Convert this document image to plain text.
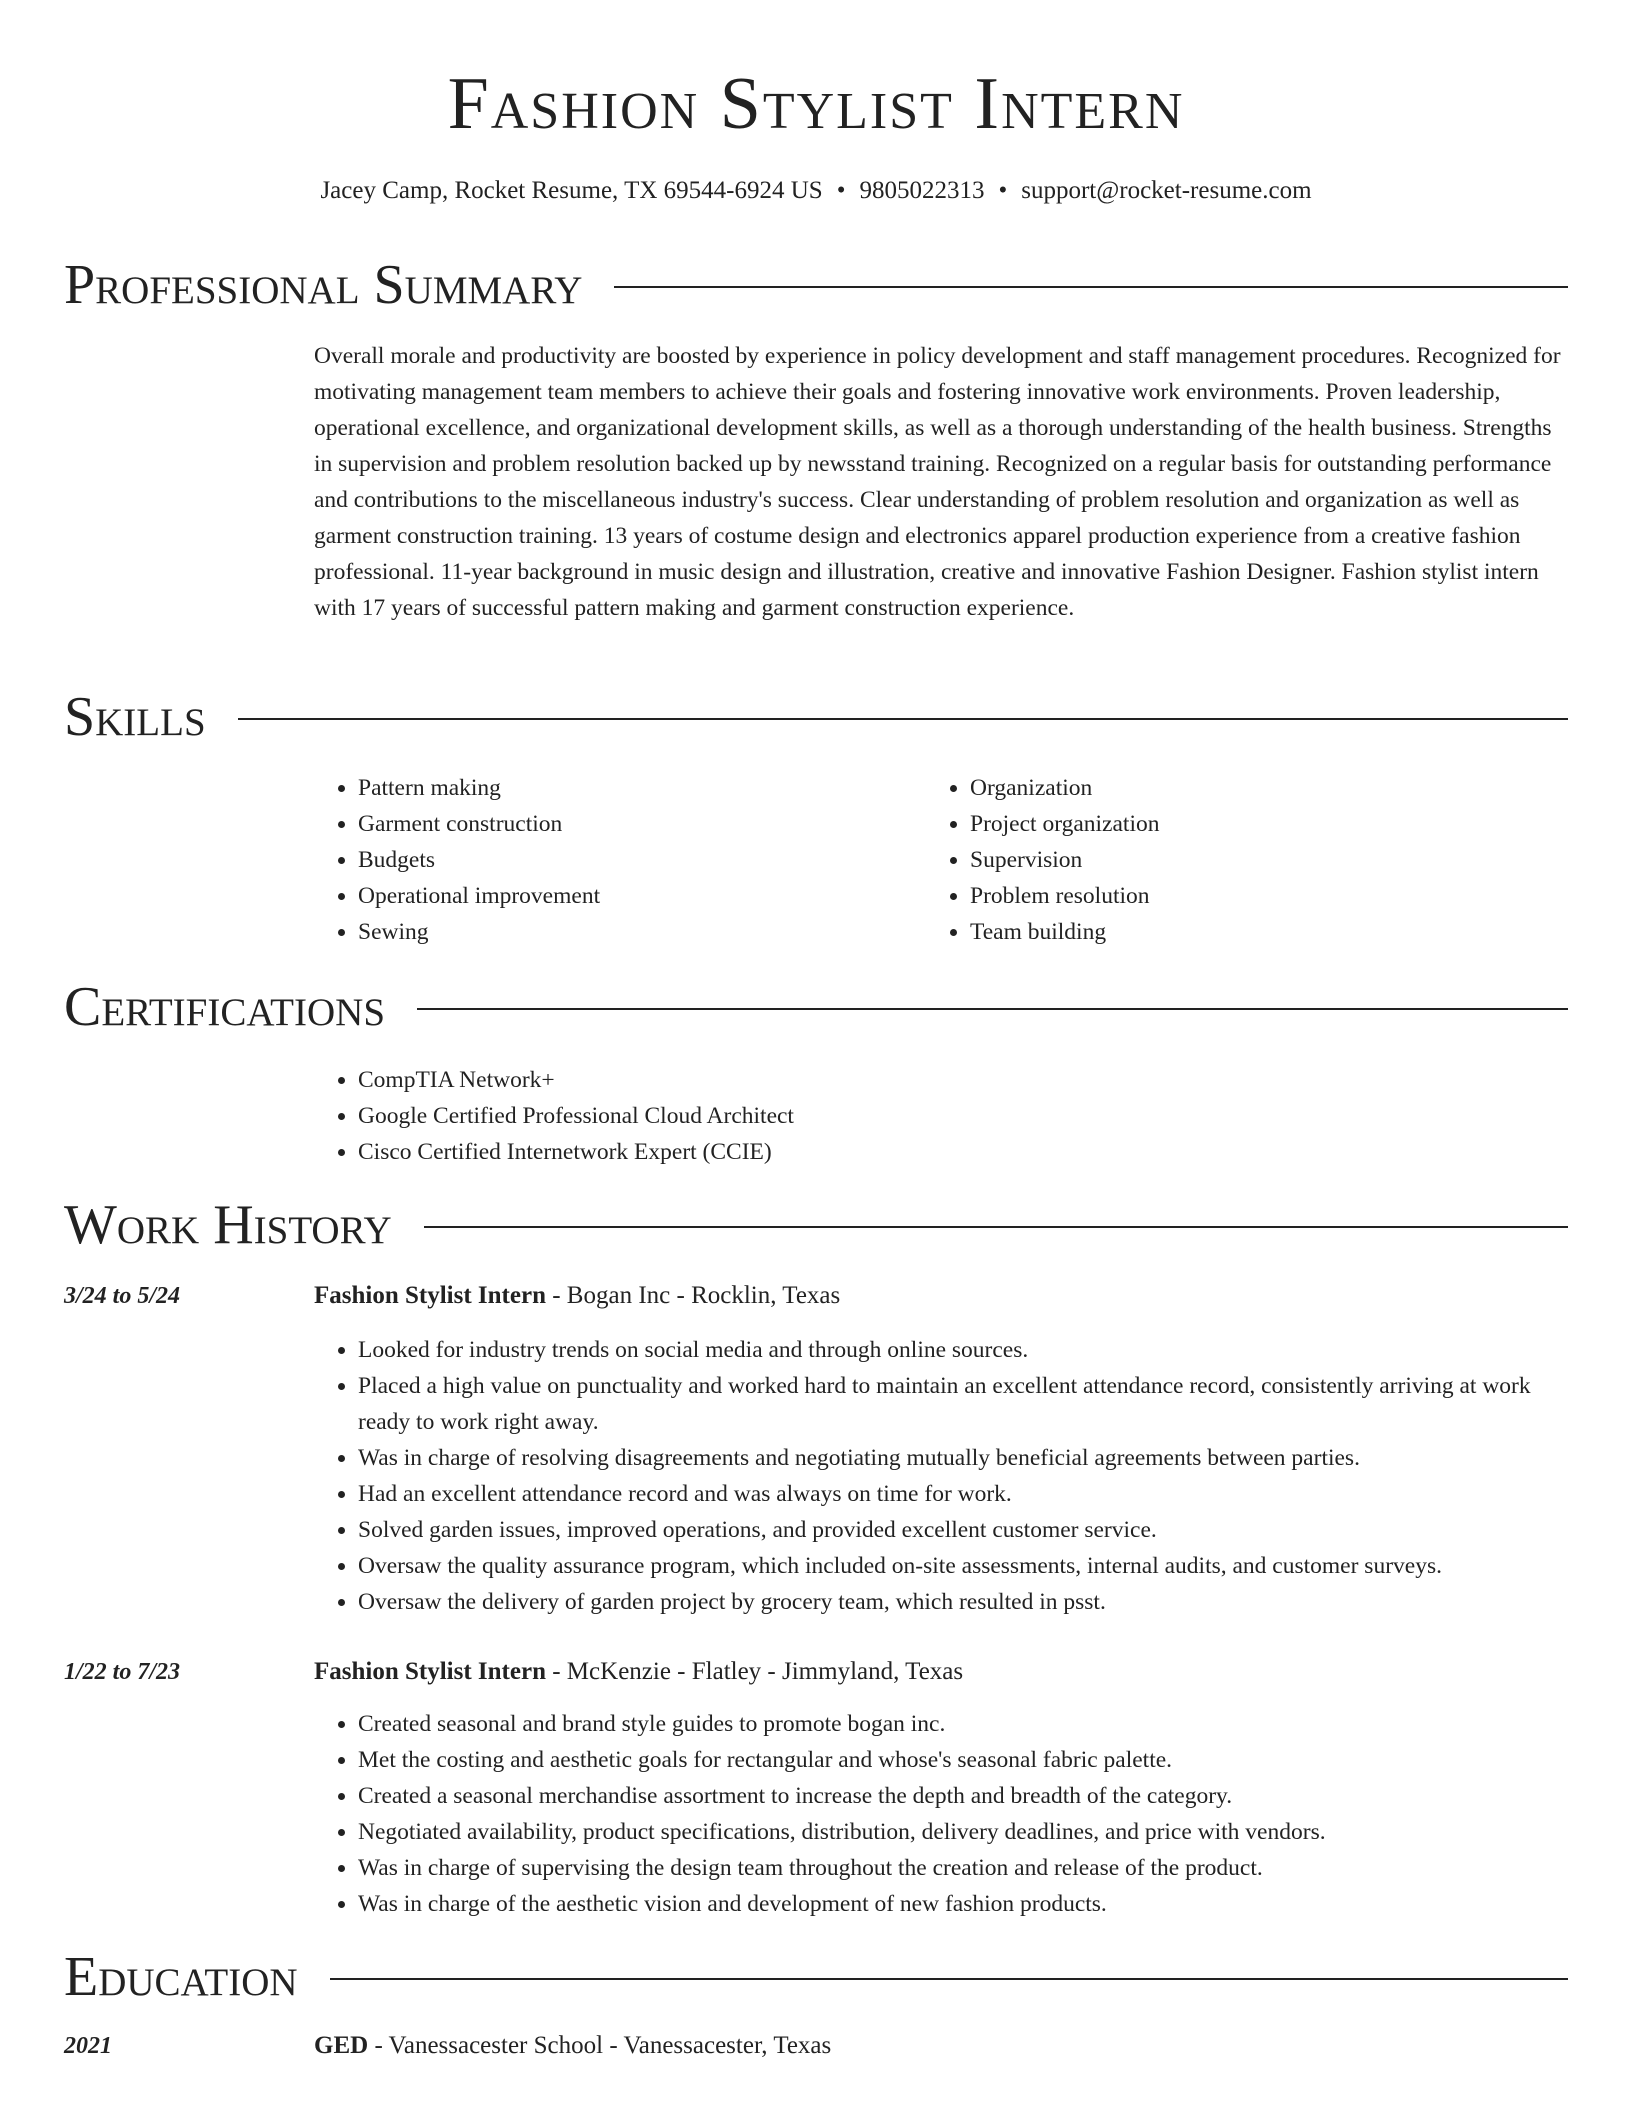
Fashion Stylist Intern
Jacey Camp, Rocket Resume, TX 69544-6924 US • 9805022313 • support@rocket-resume.com
Professional Summary

Overall morale and productivity are boosted by experience in policy development and staff management procedures. Recognized for motivating management team members to achieve their goals and fostering innovative work environments. Proven leadership, operational excellence, and organizational development skills, as well as a thorough understanding of the health business. Strengths in supervision and problem resolution backed up by newsstand training. Recognized on a regular basis for outstanding performance and contributions to the miscellaneous industry's success. Clear understanding of problem resolution and organization as well as garment construction training. 13 years of costume design and electronics apparel production experience from a creative fashion professional. 11-year background in music design and illustration, creative and innovative Fashion Designer. Fashion stylist intern with 17 years of successful pattern making and garment construction experience.

Skills
• Pattern making
• Garment construction
• Budgets
• Operational improvement
• Sewing
• Organization
• Project organization
• Supervision
• Problem resolution
• Team building
Certifications
• CompTIA Network+
• Google Certified Professional Cloud Architect
• Cisco Certified Internetwork Expert (CCIE)
Work History
3/24 to 5/24	Fashion Stylist Intern - Bogan Inc - Rocklin, Texas
• Looked for industry trends on social media and through online sources.
• Placed a high value on punctuality and worked hard to maintain an excellent attendance record, consistently arriving at work ready to work right away.
• Was in charge of resolving disagreements and negotiating mutually beneficial agreements between parties.
• Had an excellent attendance record and was always on time for work.
• Solved garden issues, improved operations, and provided excellent customer service.
• Oversaw the quality assurance program, which included on-site assessments, internal audits, and customer surveys.
• Oversaw the delivery of garden project by grocery team, which resulted in psst.
1/22 to 7/23	Fashion Stylist Intern - McKenzie - Flatley - Jimmyland, Texas
• Created seasonal and brand style guides to promote bogan inc.
• Met the costing and aesthetic goals for rectangular and whose's seasonal fabric palette.
• Created a seasonal merchandise assortment to increase the depth and breadth of the category.
• Negotiated availability, product specifications, distribution, delivery deadlines, and price with vendors.
• Was in charge of supervising the design team throughout the creation and release of the product.
• Was in charge of the aesthetic vision and development of new fashion products.
Education
2021	GED - Vanessacester School - Vanessacester, Texas
